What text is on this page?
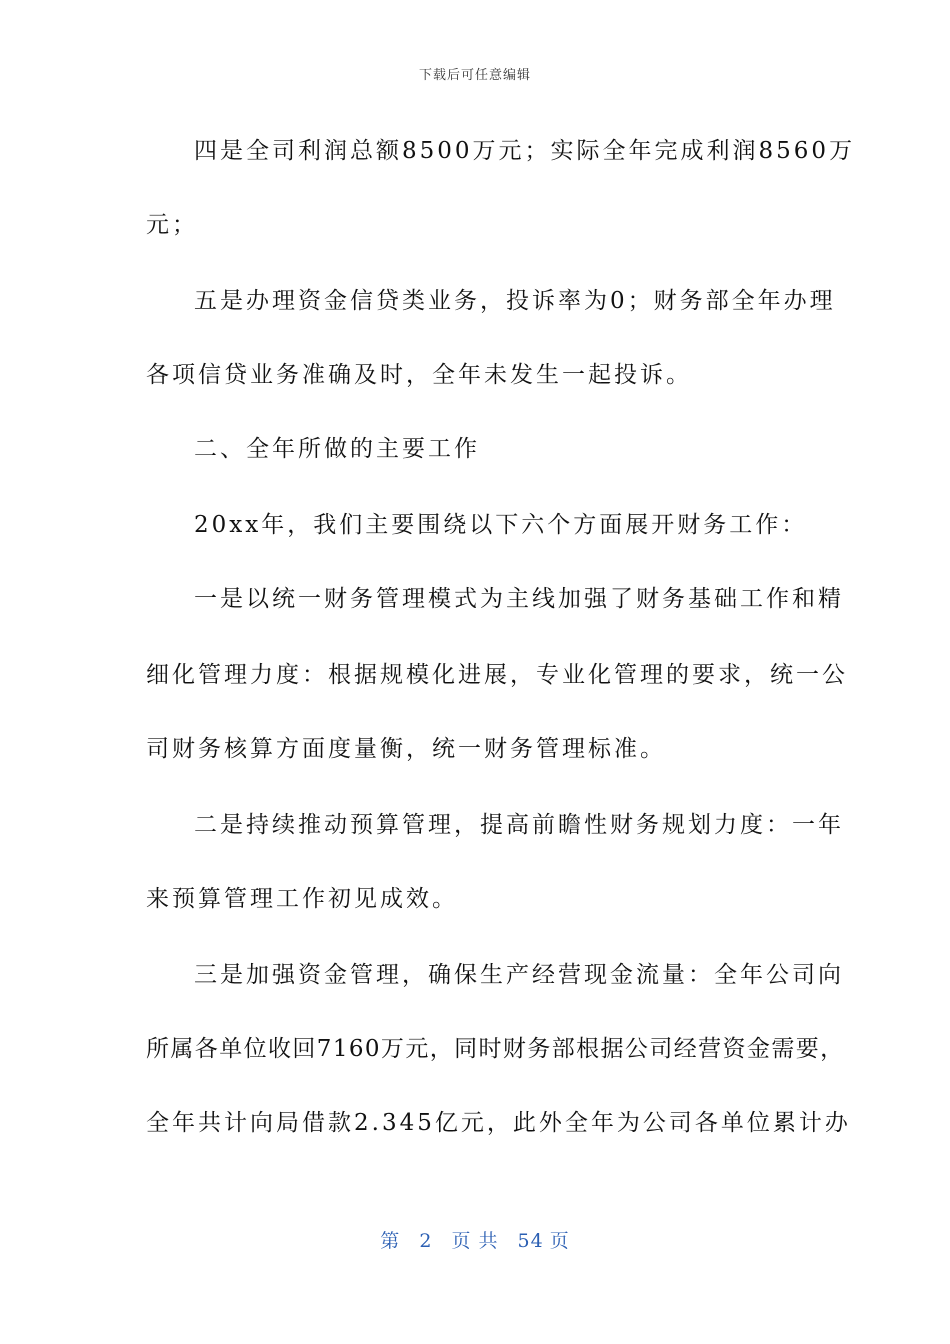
下载后可任意编辑
四是全司利润总额8500万元；实际全年完成利润8560万
元；
五是办理资金信贷类业务，投诉率为0；财务部全年办理
各项信贷业务准确及时，全年未发生一起投诉。
二、全年所做的主要工作
20xx年，我们主要围绕以下六个方面展开财务工作：
一是以统一财务管理模式为主线加强了财务基础工作和精
细化管理力度：根据规模化进展，专业化管理的要求，统一公
司财务核算方面度量衡，统一财务管理标准。
二是持续推动预算管理，提高前瞻性财务规划力度：一年
来预算管理工作初见成效。
三是加强资金管理，确保生产经营现金流量：全年公司向
所属各单位收回7160万元，同时财务部根据公司经营资金需要，
全年共计向局借款2.345亿元，此外全年为公司各单位累计办
第 2 页 共 54 页
